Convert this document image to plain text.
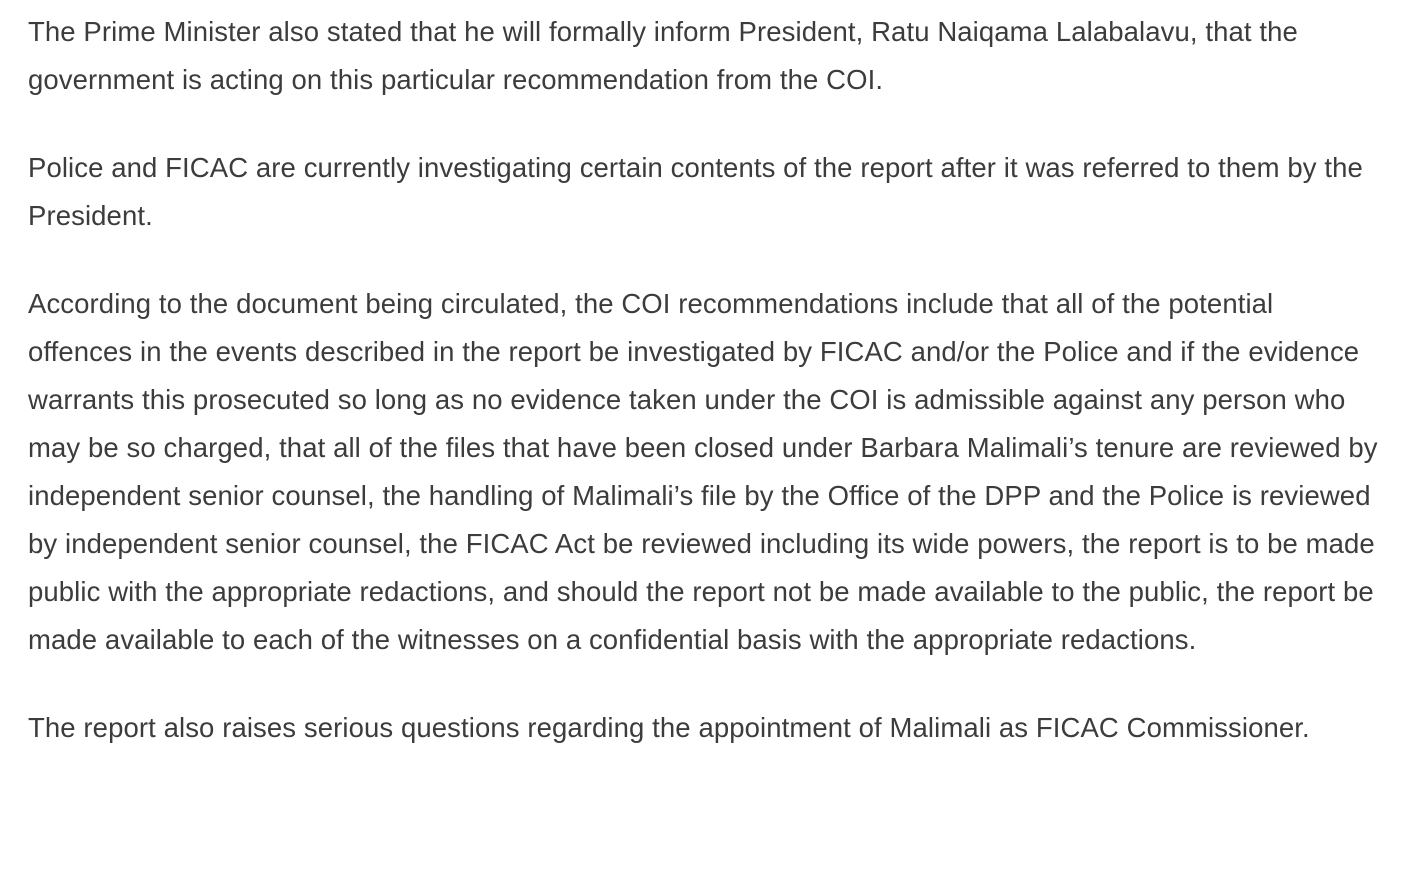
The Prime Minister also stated that he will formally inform President, Ratu Naiqama Lalabalavu, that the government is acting on this particular recommendation from the COI.

Police and FICAC are currently investigating certain contents of the report after it was referred to them by the President.

According to the document being circulated, the COI recommendations include that all of the potential offences in the events described in the report be investigated by FICAC and/or the Police and if the evidence warrants this prosecuted so long as no evidence taken under the COI is admissible against any person who may be so charged, that all of the files that have been closed under Barbara Malimali’s tenure are reviewed by independent senior counsel, the handling of Malimali’s file by the Office of the DPP and the Police is reviewed by independent senior counsel, the FICAC Act be reviewed including its wide powers, the report is to be made public with the appropriate redactions, and should the report not be made available to the public, the report be made available to each of the witnesses on a confidential basis with the appropriate redactions.

The report also raises serious questions regarding the appointment of Malimali as FICAC Commissioner.
